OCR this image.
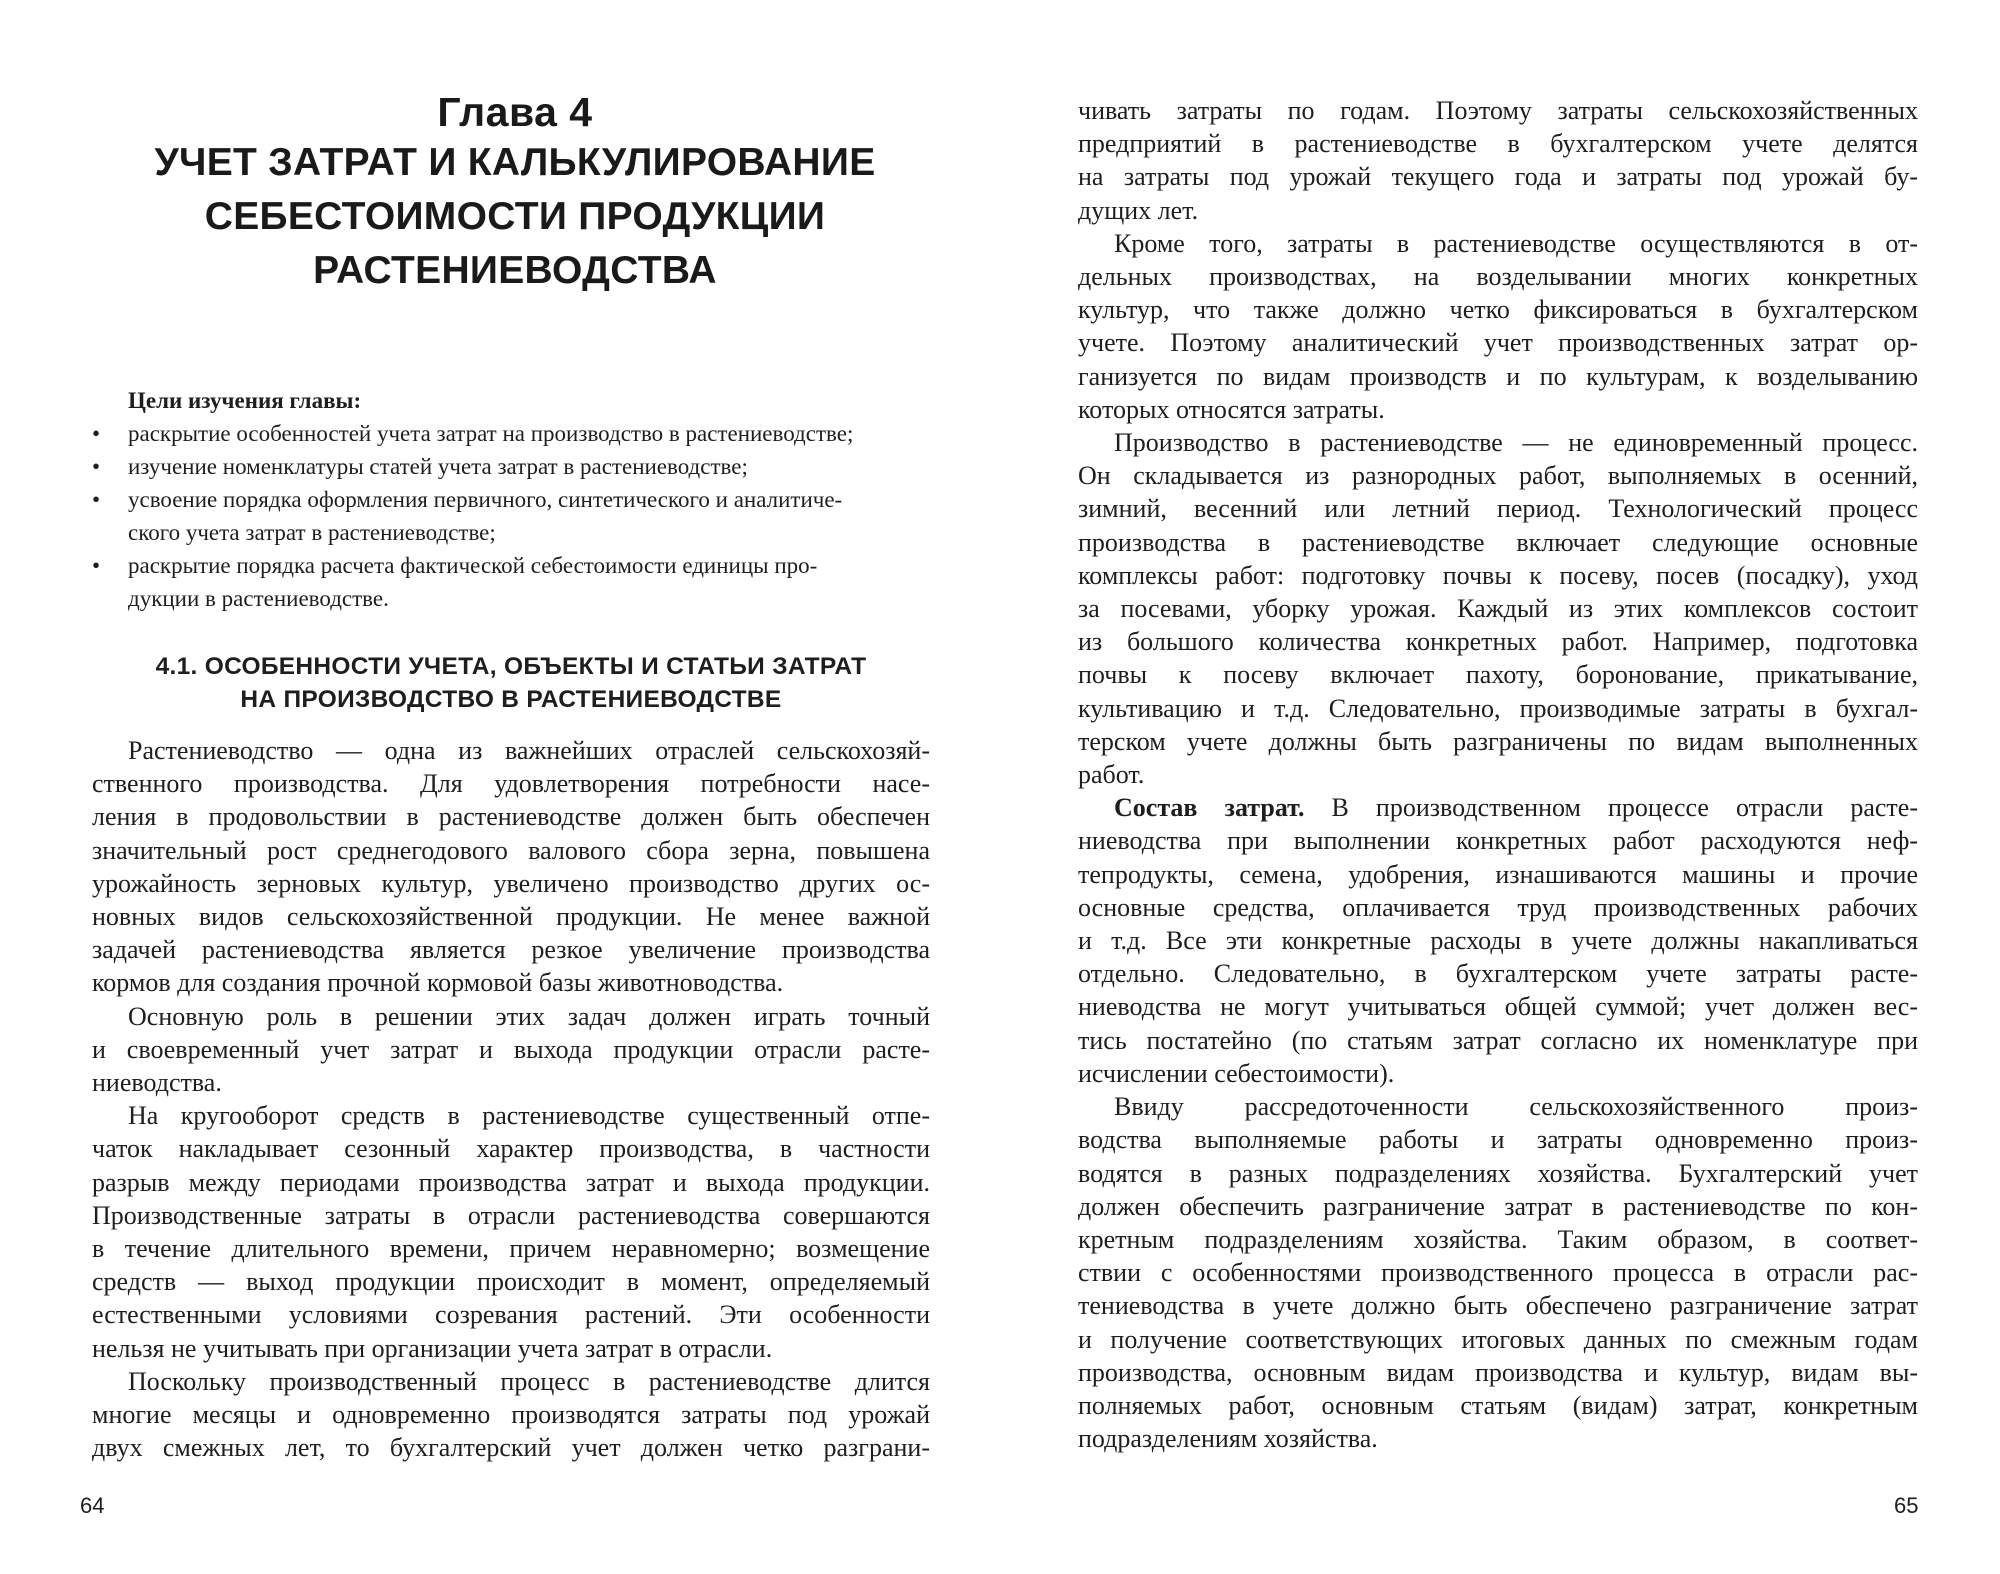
Глава 4
УЧЕТ ЗАТРАТ И КАЛЬКУЛИРОВАНИЕ
СЕБЕСТОИМОСТИ ПРОДУКЦИИ
РАСТЕНИЕВОДСТВА
Цели изучения главы:
•	раскрытие особенностей учета затрат на производство в растениеводстве;
•	изучение номенклатуры статей учета затрат в растениеводстве;
•	усвоение порядка оформления первичного, синтетического и аналитиче-
ского учета затрат в растениеводстве;
•	раскрытие порядка расчета фактической себестоимости единицы про-
дукции в растениеводстве.
4.1. ОСОБЕННОСТИ УЧЕТА, ОБЪЕКТЫ И СТАТЬИ ЗАТРАТ
НА ПРОИЗВОДСТВО В РАСТЕНИЕВОДСТВЕ

Растениеводство — одна из важнейших отраслей сельскохозяй-
ственного производства. Для удовлетворения потребности насе-
ления в продовольствии в растениеводстве должен быть обеспечен
значительный рост среднегодового валового сбора зерна, повышена
урожайность зерновых культур, увеличено производство других ос-
новных видов сельскохозяйственной продукции. Не менее важной
задачей растениеводства является резкое увеличение производства
кормов для создания прочной кормовой базы животноводства.

Основную роль в решении этих задач должен играть точный
и своевременный учет затрат и выхода продукции отрасли расте-
ниеводства.

На кругооборот средств в растениеводстве существенный отпе-
чаток накладывает сезонный характер производства, в частности
разрыв между периодами производства затрат и выхода продукции.
Производственные затраты в отрасли растениеводства совершаются
в течение длительного времени, причем неравномерно; возмещение
средств — выход продукции происходит в момент, определяемый
естественными условиями созревания растений. Эти особенности
нельзя не учитывать при организации учета затрат в отрасли.

Поскольку производственный процесс в растениеводстве длится
многие месяцы и одновременно производятся затраты под урожай
двух смежных лет, то бухгалтерский учет должен четко разграни-

64

чивать затраты по годам. Поэтому затраты сельскохозяйственных
предприятий в растениеводстве в бухгалтерском учете делятся
на затраты под урожай текущего года и затраты под урожай бу-
дущих лет.

Кроме того, затраты в растениеводстве осуществляются в от-
дельных производствах, на возделывании многих конкретных
культур, что также должно четко фиксироваться в бухгалтерском
учете. Поэтому аналитический учет производственных затрат ор-
ганизуется по видам производств и по культурам, к возделыванию
которых относятся затраты.

Производство в растениеводстве — не единовременный процесс.
Он складывается из разнородных работ, выполняемых в осенний,
зимний, весенний или летний период. Технологический процесс
производства в растениеводстве включает следующие основные
комплексы работ: подготовку почвы к посеву, посев (посадку), уход
за посевами, уборку урожая. Каждый из этих комплексов состоит
из большого количества конкретных работ. Например, подготовка
почвы к посеву включает пахоту, боронование, прикатывание,
культивацию и т.д. Следовательно, производимые затраты в бухгал-
терском учете должны быть разграничены по видам выполненных
работ.

Состав затрат. В производственном процессе отрасли расте-
ниеводства при выполнении конкретных работ расходуются неф-
тепродукты, семена, удобрения, изнашиваются машины и прочие
основные средства, оплачивается труд производственных рабочих
и т.д. Все эти конкретные расходы в учете должны накапливаться
отдельно. Следовательно, в бухгалтерском учете затраты расте-
ниеводства не могут учитываться общей суммой; учет должен вес-
тись постатейно (по статьям затрат согласно их номенклатуре при
исчислении себестоимости).

Ввиду рассредоточенности сельскохозяйственного произ-
водства выполняемые работы и затраты одновременно произ-
водятся в разных подразделениях хозяйства. Бухгалтерский учет
должен обеспечить разграничение затрат в растениеводстве по кон-
кретным подразделениям хозяйства. Таким образом, в соответ-
ствии с особенностями производственного процесса в отрасли рас-
тениеводства в учете должно быть обеспечено разграничение затрат
и получение соответствующих итоговых данных по смежным годам
производства, основным видам производства и культур, видам вы-
полняемых работ, основным статьям (видам) затрат, конкретным
подразделениям хозяйства.

65
